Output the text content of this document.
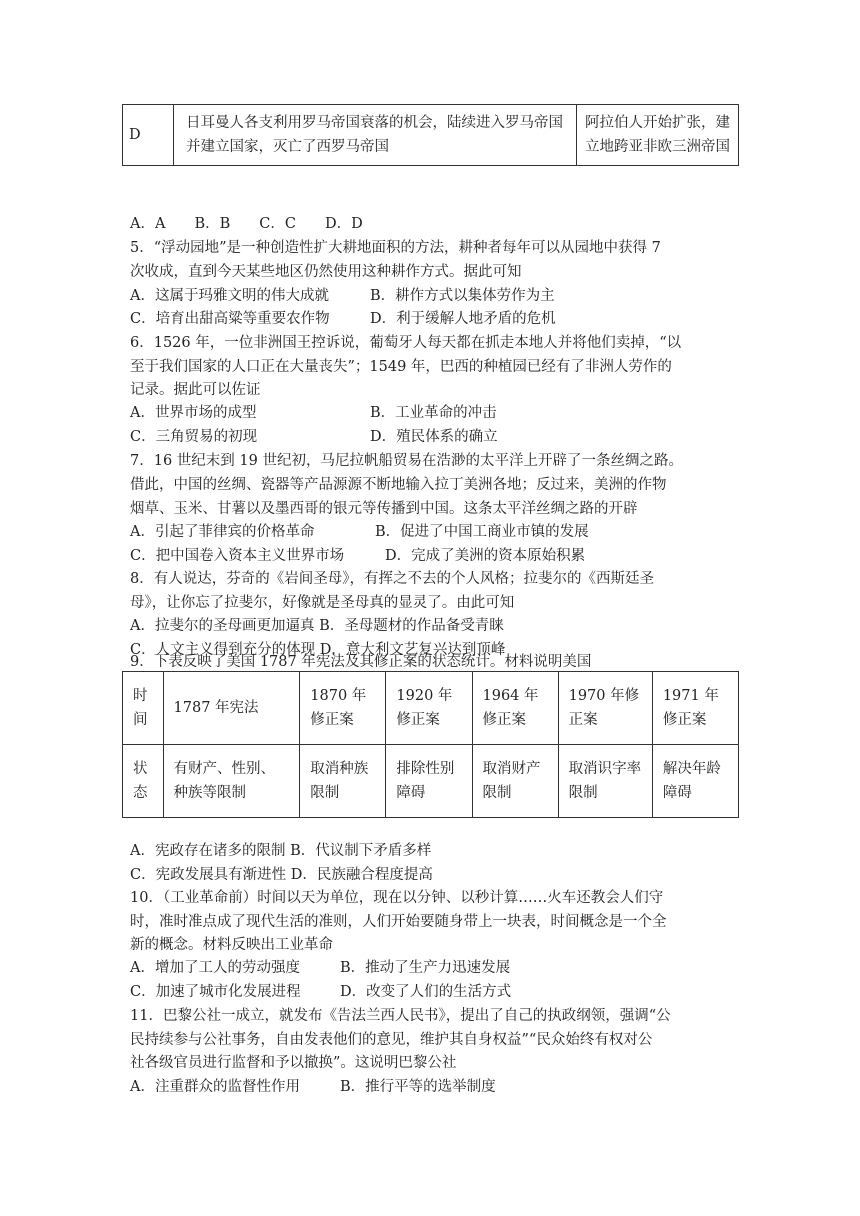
D	日耳曼人各支利用罗马帝国衰落的机会，陆续进入罗马帝国并建立国家，灭亡了西罗马帝国	阿拉伯人开始扩张，建立地跨亚非欧三洲帝国
A．A　　B．B　　C．C　　D．D
5．“浮动园地”是一种创造性扩大耕地面积的方法，耕种者每年可以从园地中获得 7
次收成，直到今天某些地区仍然使用这种耕作方式。据此可知
A．这属于玛雅文明的伟大成就	B．耕作方式以集体劳作为主
C．培育出甜高粱等重要农作物	D．利于缓解人地矛盾的危机
6．1526 年，一位非洲国王控诉说，葡萄牙人每天都在抓走本地人并将他们卖掉，“以
至于我们国家的人口正在大量丧失”；1549 年，巴西的种植园已经有了非洲人劳作的
记录。据此可以佐证
A．世界市场的成型	B．工业革命的冲击
C．三角贸易的初现	D．殖民体系的确立
7．16 世纪末到 19 世纪初，马尼拉帆船贸易在浩渺的太平洋上开辟了一条丝绸之路。
借此，中国的丝绸、瓷器等产品源源不断地输入拉丁美洲各地；反过来，美洲的作物
烟草、玉米、甘薯以及墨西哥的银元等传播到中国。这条太平洋丝绸之路的开辟
A．引起了菲律宾的价格革命	B．促进了中国工商业市镇的发展
C．把中国卷入资本主义世界市场	D．完成了美洲的资本原始积累
8．有人说达，芬奇的《岩间圣母》，有挥之不去的个人风格；拉斐尔的《西斯廷圣
母》，让你忘了拉斐尔，好像就是圣母真的显灵了。由此可知
A．拉斐尔的圣母画更加逼真 B．圣母题材的作品备受青睐
C．人文主义得到充分的体现 D．意大利文艺复兴达到顶峰
9．下表反映了美国 1787 年宪法及其修正案的状态统计。材料说明美国
时间	1787 年宪法	1870 年修正案	1920 年修正案	1964 年修正案	1970 年修正案	1971 年修正案
状态	有财产、性别、种族等限制	取消种族限制	排除性别障碍	取消财产限制	取消识字率限制	解决年龄障碍
A．宪政存在诸多的限制 B．代议制下矛盾多样
C．宪政发展具有渐进性 D．民族融合程度提高
10．（工业革命前）时间以天为单位，现在以分钟、以秒计算……火车还教会人们守
时，准时准点成了现代生活的准则，人们开始要随身带上一块表，时间概念是一个全
新的概念。材料反映出工业革命
A．增加了工人的劳动强度	B．推动了生产力迅速发展
C．加速了城市化发展进程	D．改变了人们的生活方式
11．巴黎公社一成立，就发布《告法兰西人民书》，提出了自己的执政纲领，强调“公
民持续参与公社事务，自由发表他们的意见，维护其自身权益”“民众始终有权对公
社各级官员进行监督和予以撤换”。这说明巴黎公社
A．注重群众的监督性作用	B．推行平等的选举制度
